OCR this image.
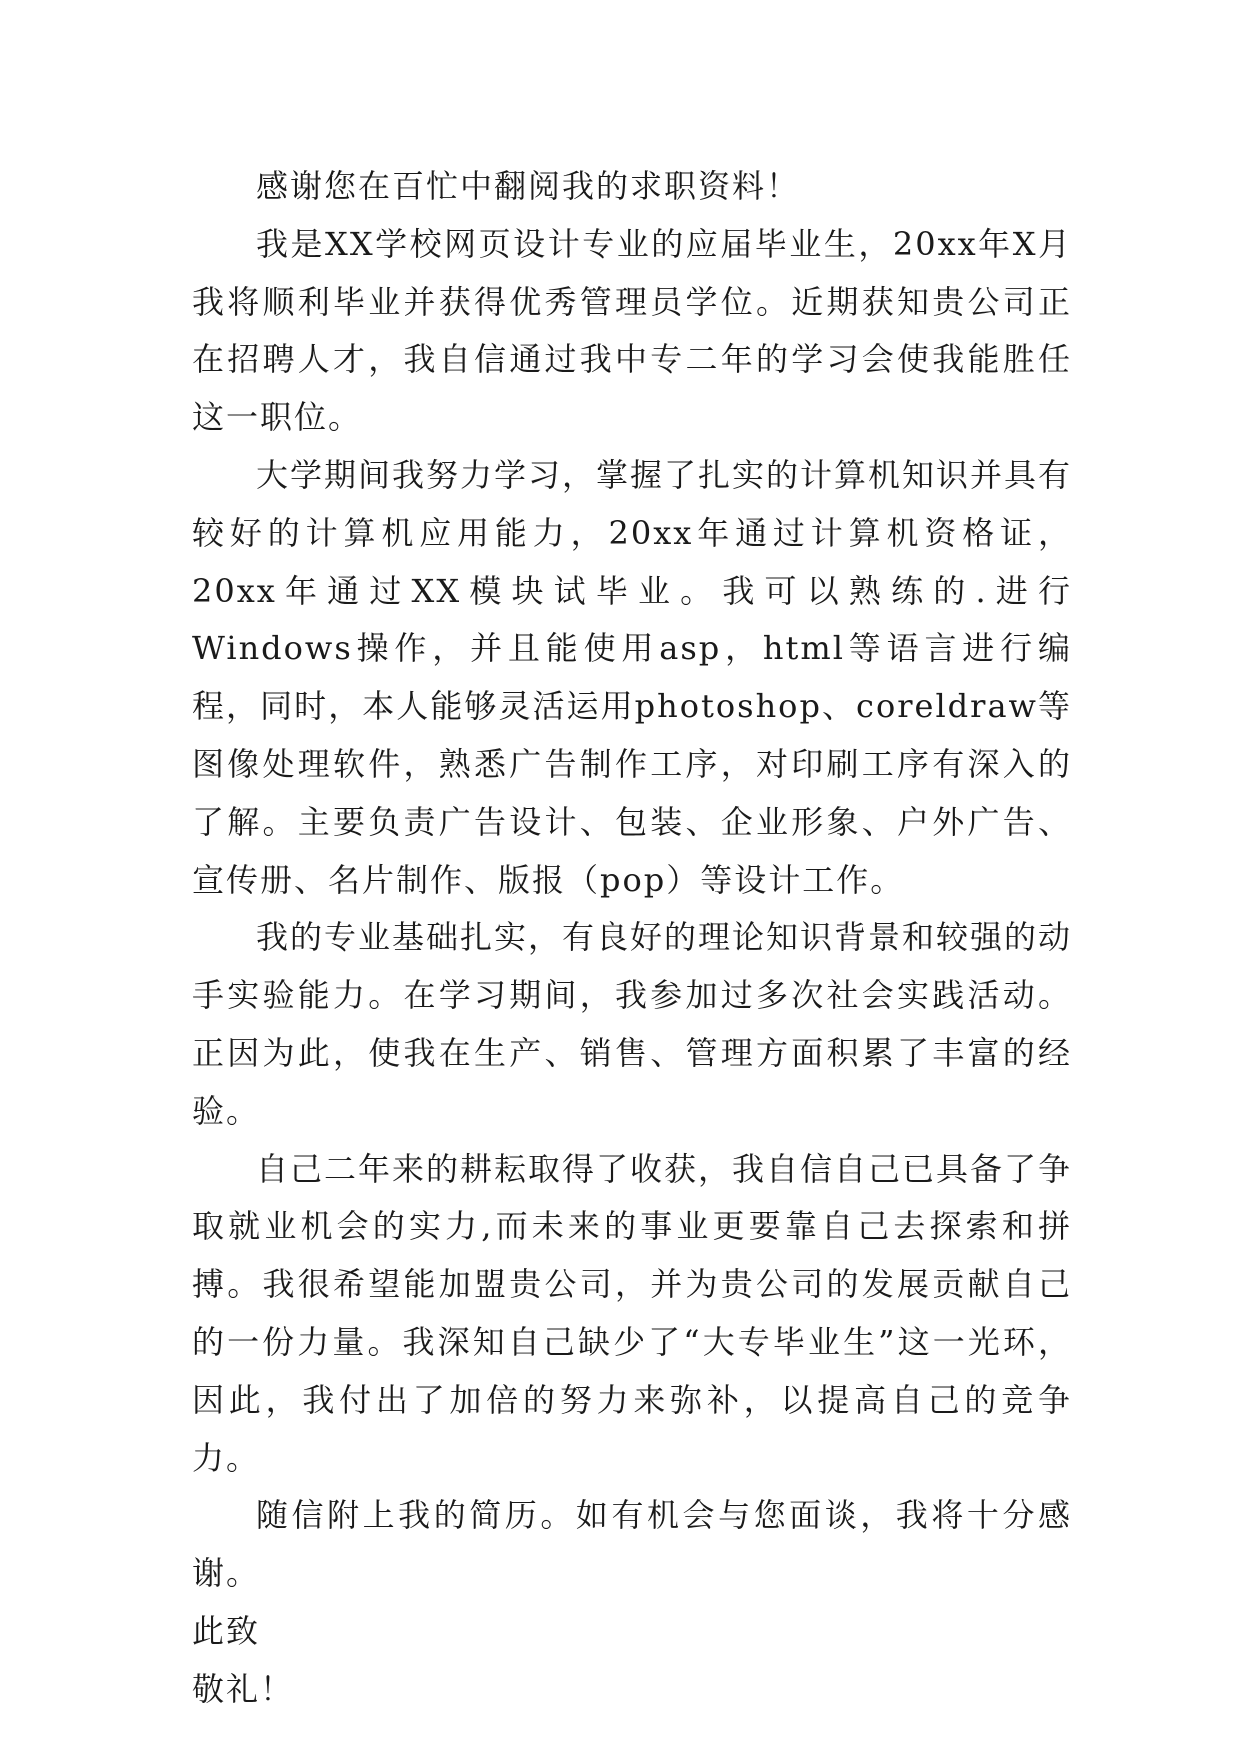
感谢您在百忙中翻阅我的求职资料！

我是XX学校网页设计专业的应届毕业生，20xx年X月我将顺利毕业并获得优秀管理员学位。近期获知贵公司正在招聘人才，我自信通过我中专二年的学习会使我能胜任这一职位。

大学期间我努力学习，掌握了扎实的计算机知识并具有较好的计算机应用能力，20xx年通过计算机资格证，20xx年通过XX模块试毕业。我可以熟练的.进行Windows操作，并且能使用asp，html等语言进行编程，同时，本人能够灵活运用photoshop、coreldraw等图像处理软件，熟悉广告制作工序，对印刷工序有深入的了解。主要负责广告设计、包装、企业形象、户外广告、宣传册、名片制作、版报（pop）等设计工作。

我的专业基础扎实，有良好的理论知识背景和较强的动手实验能力。在学习期间，我参加过多次社会实践活动。正因为此，使我在生产、销售、管理方面积累了丰富的经验。

自己二年来的耕耘取得了收获，我自信自己已具备了争取就业机会的实力,而未来的事业更要靠自己去探索和拼搏。我很希望能加盟贵公司，并为贵公司的发展贡献自己的一份力量。我深知自己缺少了“大专毕业生”这一光环，因此，我付出了加倍的努力来弥补，以提高自己的竞争力。

随信附上我的简历。如有机会与您面谈，我将十分感谢。

此致

敬礼！
